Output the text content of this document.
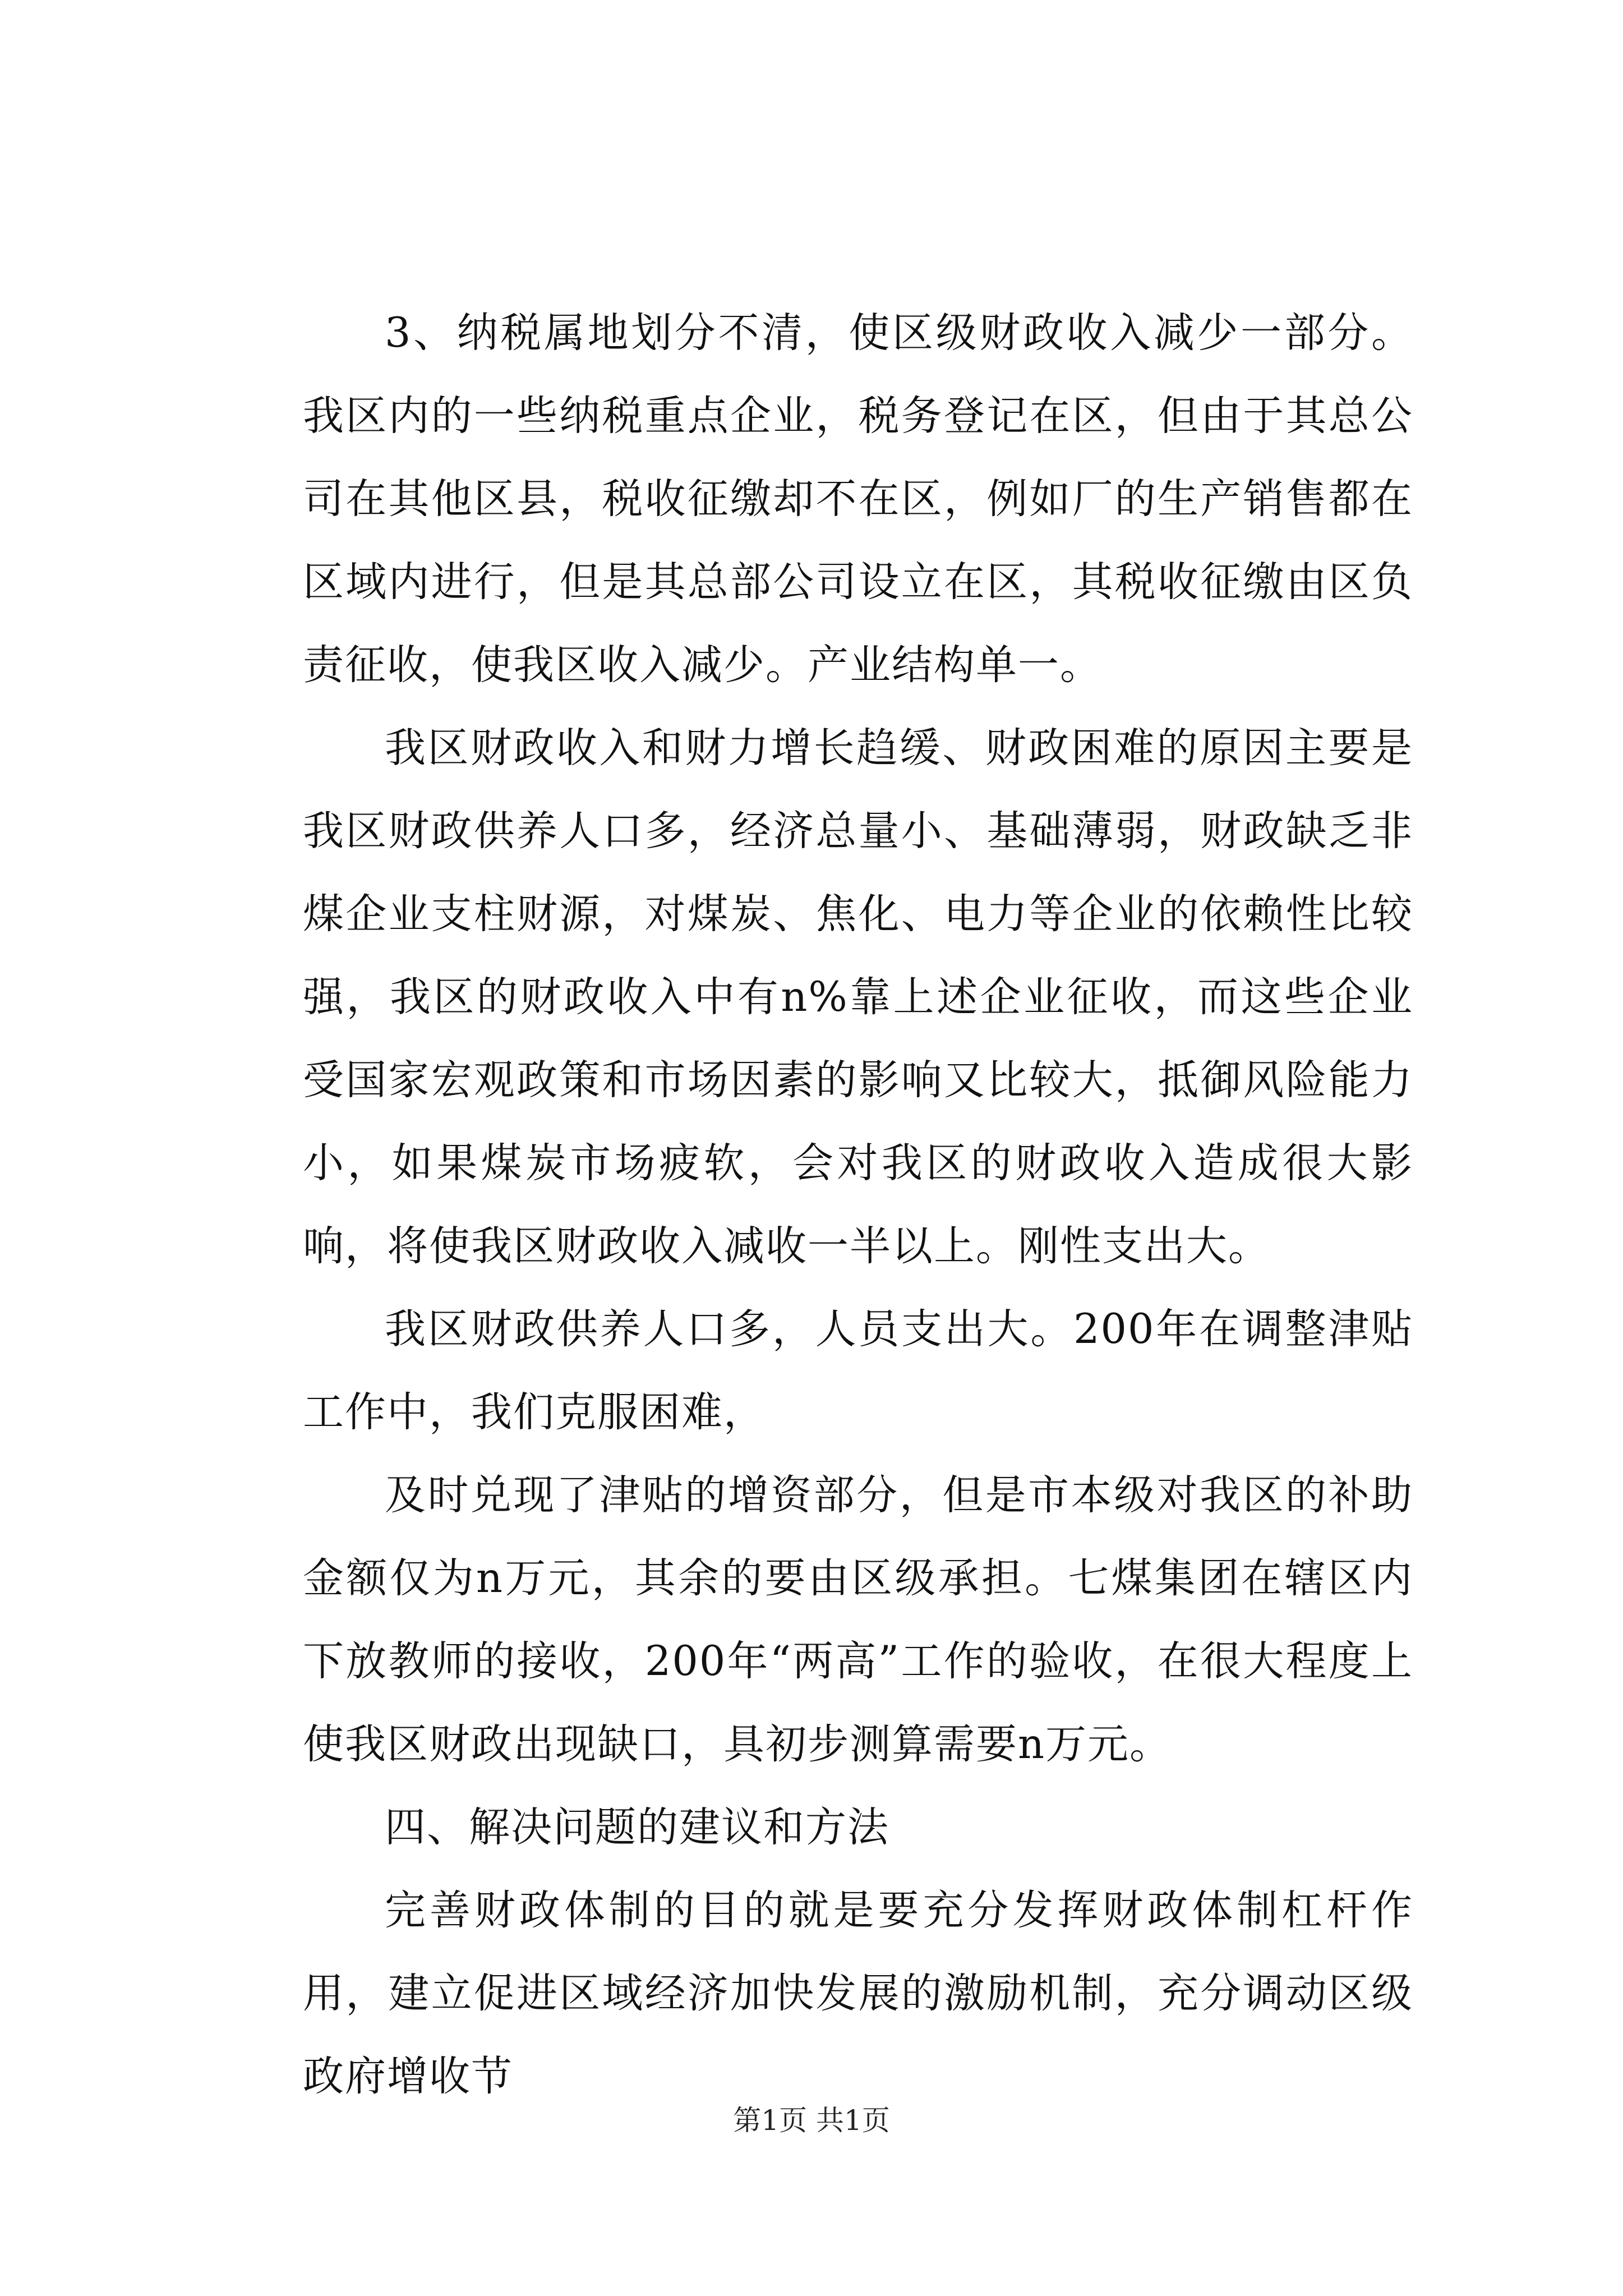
3、纳税属地划分不清，使区级财政收入减少一部分。我区内的一些纳税重点企业，税务登记在区，但由于其总公司在其他区县，税收征缴却不在区，例如厂的生产销售都在区域内进行，但是其总部公司设立在区，其税收征缴由区负责征收，使我区收入减少。产业结构单一。

我区财政收入和财力增长趋缓、财政困难的原因主要是我区财政供养人口多，经济总量小、基础薄弱，财政缺乏非煤企业支柱财源，对煤炭、焦化、电力等企业的依赖性比较强，我区的财政收入中有n%靠上述企业征收，而这些企业受国家宏观政策和市场因素的影响又比较大，抵御风险能力小，如果煤炭市场疲软，会对我区的财政收入造成很大影响，将使我区财政收入减收一半以上。刚性支出大。

我区财政供养人口多，人员支出大。200年在调整津贴工作中，我们克服困难，

及时兑现了津贴的增资部分，但是市本级对我区的补助金额仅为n万元，其余的要由区级承担。七煤集团在辖区内下放教师的接收，200年“两高”工作的验收，在很大程度上使我区财政出现缺口，具初步测算需要n万元。

四、解决问题的建议和方法

完善财政体制的目的就是要充分发挥财政体制杠杆作用，建立促进区域经济加快发展的激励机制，充分调动区级政府增收节

第1页 共1页
